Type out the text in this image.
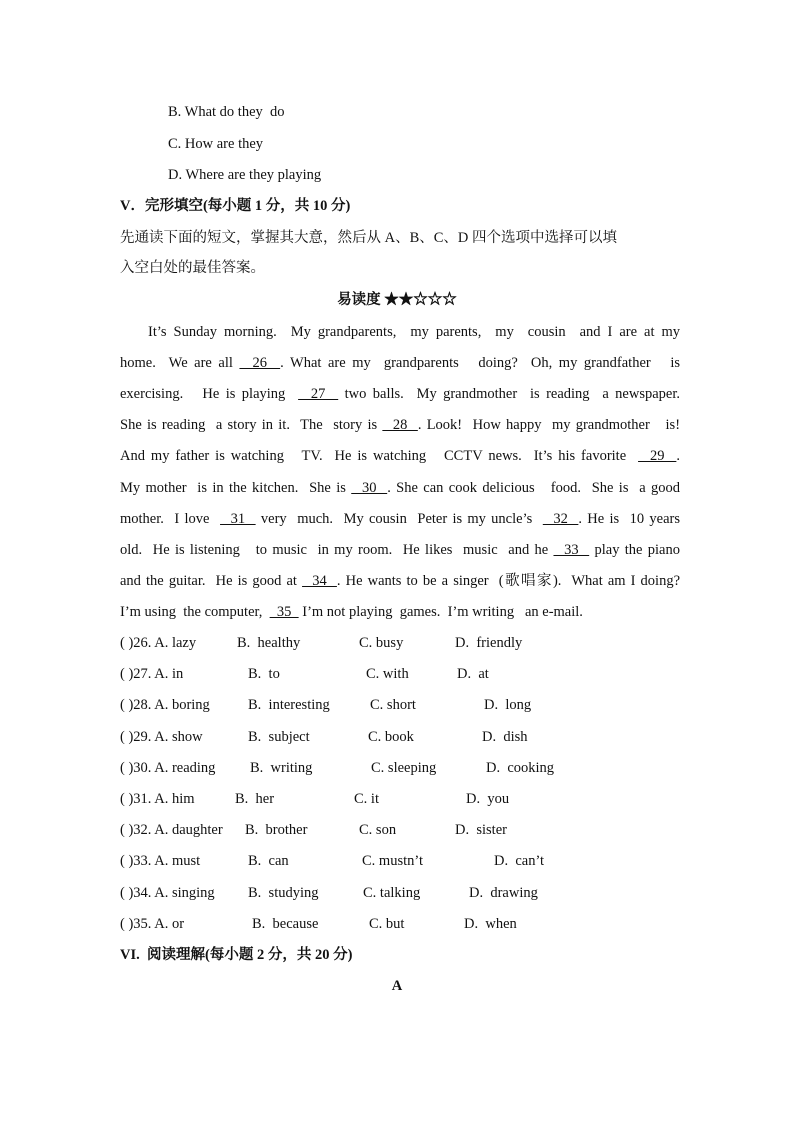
B. What do they  do
C. How are they
D. Where are they playing
V．完形填空(每小题 1 分，共 10 分)
先通读下面的短文，掌握其大意，然后从 A、B、C、D 四个选项中选择可以填
入空白处的最佳答案。
易读度 ★★☆☆☆
It’s Sunday morning.  My grandparents,  my parents,  my  cousin  and I are at my
home.  We are all   26  . What are my  grandparents   doing?  Oh, my grandfather   is
exercising.   He is playing    27   two balls.  My grandmother  is reading  a newspaper.
She is reading  a story in it.  The  story is   28  . Look!  How happy  my grandmother   is!
And my father is watching   TV.  He is watching   CCTV news.  It’s his favorite    29  .
My mother  is in the kitchen.  She is   30  . She can cook delicious   food.  She is  a good
mother.  I love    31   very  much.  My cousin  Peter is my uncle’s    32  . He is  10 years
old.  He is listening   to music  in my room.  He likes  music  and he   33   play the piano
and the guitar.  He is good at   34  . He wants to be a singer  (歌唱家).  What am I doing?
I’m using  the computer,    35   I’m not playing  games.  I’m writing   an e-mail.
( )26. A. lazy	B.  healthy	C. busy	D.  friendly
( )27. A. in	B.  to	C. with	D.  at
( )28. A. boring	B.  interesting	C. short	D.  long
( )29. A. show	B.  subject	C. book	D.  dish
( )30. A. reading B.  writing	C. sleeping	D.  cooking
( )31. A. him	B.  her	C. it	D.  you
( )32. A. daughter B.  brother	C. son	D.  sister
( )33. A. must	B.  can	C. mustn’t	D.  can’t
( )34. A. singing B.  studying	C. talking	D.  drawing
( )35. A. or	B.  because	C. but	D.  when
VI.  阅读理解(每小题 2 分，共 20 分)
A
